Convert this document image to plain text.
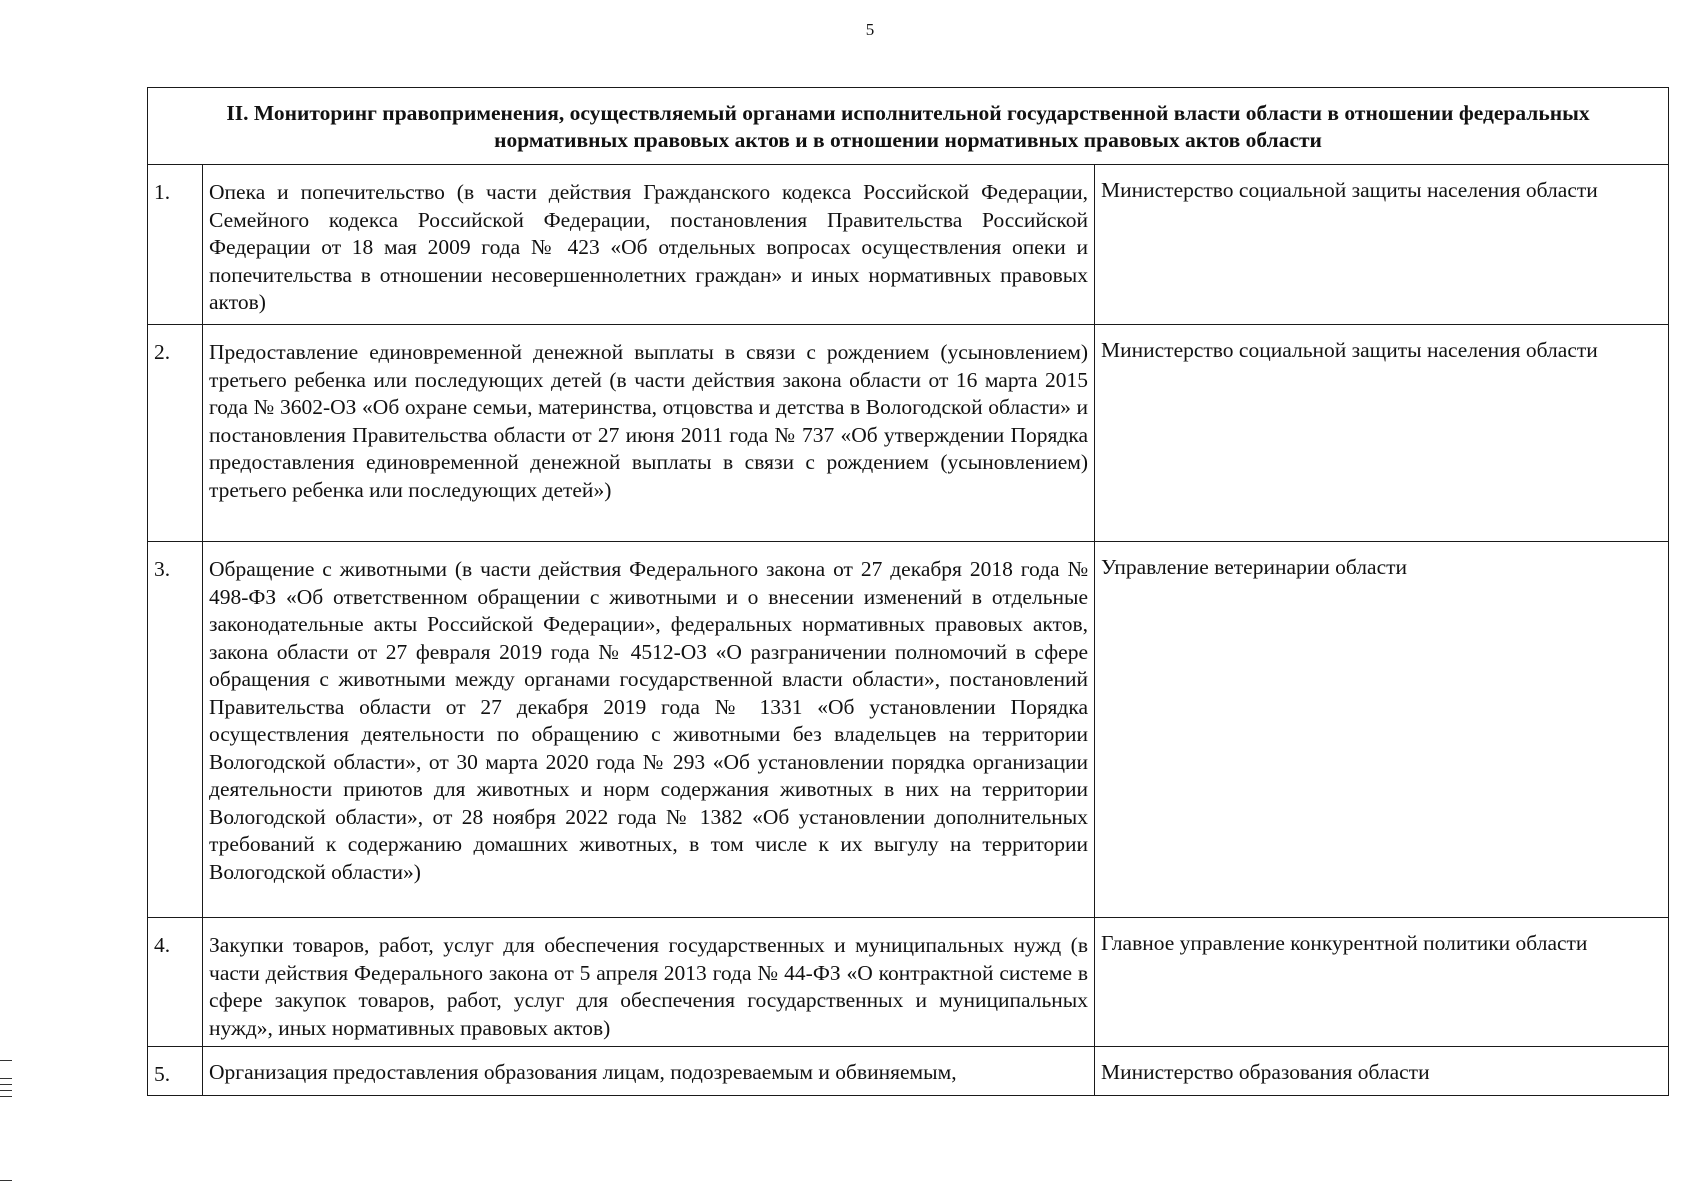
5
II. Мониторинг правоприменения, осуществляемый органами исполнительной государственной власти области в отношении федеральных нормативных правовых актов и в отношении нормативных правовых актов области		
1.	Опека и попечительство (в части действия Гражданского кодекса Российской Федерации, Семейного кодекса Российской Федерации, постановления Правительства Российской Федерации от 18 мая 2009 года № 423 «Об отдельных вопросах осуществления опеки и попечительства в отношении несовершеннолетних граждан» и иных нормативных правовых актов)	Министерство социальной защиты населения области
2.	Предоставление единовременной денежной выплаты в связи с рождением (усыновлением) третьего ребенка или последующих детей (в части действия закона области от 16 марта 2015 года № 3602-ОЗ «Об охране семьи, материнства, отцовства и детства в Вологодской области» и постановления Правительства области от 27 июня 2011 года № 737 «Об утверждении Порядка предоставления единовременной денежной выплаты в связи с рождением (усыновлением) третьего ребенка или последующих детей»)	Министерство социальной защиты населения области
3.	Обращение с животными (в части действия Федерального закона от 27 декабря 2018 года № 498-ФЗ «Об ответственном обращении с животными и о внесении изменений в отдельные законодательные акты Российской Федерации», федеральных нормативных правовых актов, закона области от 27 февраля 2019 года № 4512-ОЗ «О разграничении полномочий в сфере обращения с животными между органами государственной власти области», постановлений Правительства области от 27 декабря 2019 года № 1331 «Об установлении Порядка осуществления деятельности по обращению с животными без владельцев на территории Вологодской области», от 30 марта 2020 года № 293 «Об установлении порядка организации деятельности приютов для животных и норм содержания животных в них на территории Вологодской области», от 28 ноября 2022 года № 1382 «Об установлении дополнительных требований к содержанию домашних животных, в том числе к их выгулу на территории Вологодской области»)	Управление ветеринарии области
4.	Закупки товаров, работ, услуг для обеспечения государственных и муниципальных нужд (в части действия Федерального закона от 5 апреля 2013 года № 44-ФЗ «О контрактной системе в сфере закупок товаров, работ, услуг для обеспечения государственных и муниципальных нужд», иных нормативных правовых актов)	Главное управление конкурентной политики области
5.	Организация предоставления образования лицам, подозреваемым и обвиняемым,	Министерство образования области
